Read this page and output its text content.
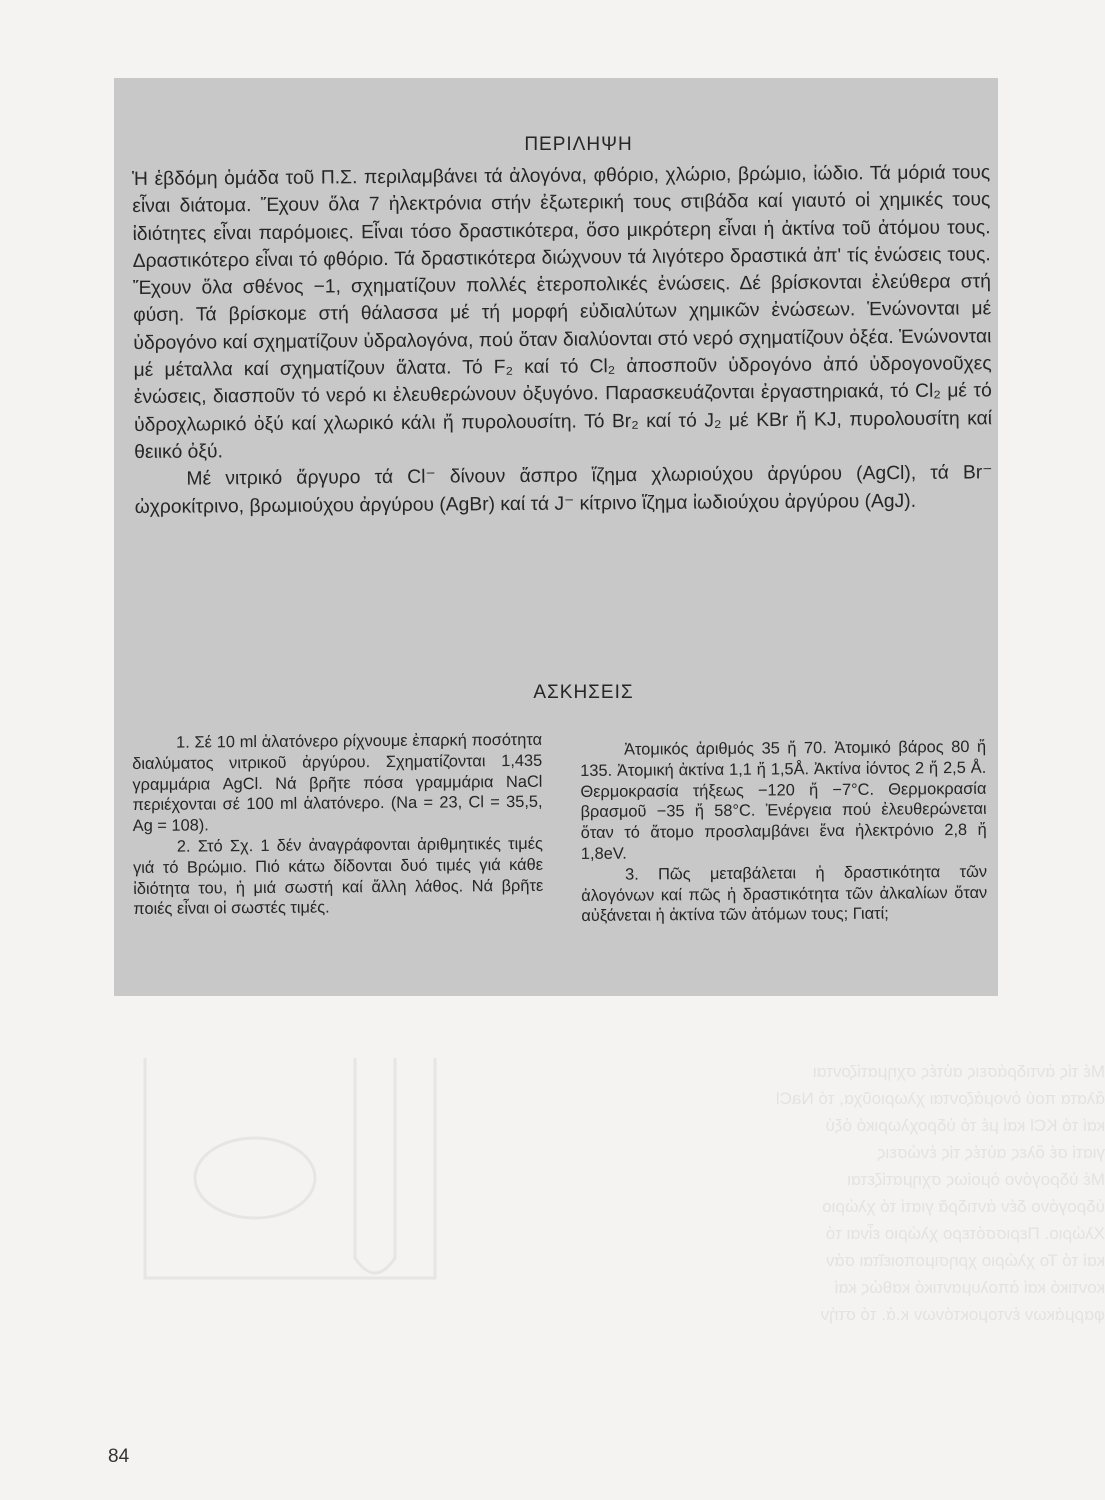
Μέ τίς ἀντιδράσεις αὐτές σχηματίζονται
ἄλατα πού ὀνομάζονται χλωριοῦχα, τό NaCl
καί τό KCl καί μέ τό ὑδροχλωρικό ὀξύ
γιατί σέ ὅλες αὐτές τίς ἐνώσεις
Μέ ὑδρογόνο ὁμοίως σχηματίζεται
ὑδρογόνο δέν ἀντιδρᾶ γιατί τό χλώριο
Χλώριο. Περισσότερο χλώριο εἶναι τό
καί τό Το χλώριο χρησιμοποιεῖται σάν
κοντικό καί ἀπολυμαντικό καθώς καί
φαρμάκων ἐντομοκτόνων κ.ά. τό στήν
ΠΕΡΙΛΗΨΗ

Ἡ ἑβδόμη ὁμάδα τοῦ Π.Σ. περιλαμβάνει τά ἀλογόνα, φθόριο, χλώριο, βρώμιο, ἰώδιο. Τά μόριά τους εἶναι διάτομα. Ἔχουν ὅλα 7 ἠλεκτρόνια στήν ἐξωτερική τους στιβάδα καί γιαυτό οἱ χημικές τους ἰδιότητες εἶναι παρόμοιες. Εἶναι τόσο δραστικότερα, ὅσο μικρότερη εἶναι ἡ ἀκτίνα τοῦ ἀτόμου τους. Δραστικότερο εἶναι τό φθόριο. Τά δραστικότερα διώχνουν τά λιγότερο δραστικά ἀπ' τίς ἐνώσεις τους. Ἔχουν ὅλα σθένος −1, σχηματίζουν πολλές ἑτεροπολικές ἐνώσεις. Δέ βρίσκονται ἐλεύθερα στή φύση. Τά βρίσκομε στή θάλασσα μέ τή μορφή εὐδιαλύτων χημικῶν ἐνώσεων. Ἑνώνονται μέ ὑδρογόνο καί σχηματίζουν ὑδραλογόνα, πού ὅταν διαλύονται στό νερό σχηματίζουν ὀξέα. Ἑνώνονται μέ μέταλλα καί σχηματίζουν ἅλατα. Τό F₂ καί τό Cl₂ ἀποσποῦν ὑδρογόνο ἀπό ὑδρογονοῦχες ἐνώσεις, διασποῦν τό νερό κι ἐλευθερώνουν ὀξυγόνο. Παρασκευάζονται ἐργαστηριακά, τό Cl₂ μέ τό ὑδροχλωρικό ὀξύ καί χλωρικό κάλι ἤ πυρολουσίτη. Τό Br₂ καί τό J₂ μέ KBr ἤ KJ, πυρολουσίτη καί θειικό ὀξύ.

Μέ νιτρικό ἄργυρο τά Cl⁻ δίνουν ἄσπρο ἵζημα χλωριούχου ἀργύρου (AgCl), τά Br⁻ ὠχροκίτρινο, βρωμιούχου ἀργύρου (AgBr) καί τά J⁻ κίτρινο ἵζημα ἰωδιούχου ἀργύρου (AgJ).

ΑΣΚΗΣΕΙΣ

1. Σέ 10 ml ἁλατόνερο ρίχνουμε ἐπαρκή ποσότητα διαλύματος νιτρικοῦ ἀργύρου. Σχηματίζονται 1,435 γραμμάρια AgCl. Νά βρῆτε πόσα γραμμάρια NaCl περιέχονται σέ 100 ml ἁλατόνερο. (Na = 23, Cl = 35,5, Ag = 108).

2. Στό Σχ. 1 δέν ἀναγράφονται ἀριθμητικές τιμές γιά τό Βρώμιο. Πιό κάτω δίδονται δυό τιμές γιά κάθε ἰδιότητα του, ἡ μιά σωστή καί ἄλλη λάθος. Νά βρῆτε ποιές εἶναι οἱ σωστές τιμές.

Ἀτομικός ἀριθμός 35 ἤ 70. Ἀτομικό βάρος 80 ἤ 135. Ἀτομική ἀκτίνα 1,1 ἤ 1,5Å. Ἀκτίνα ἰόντος 2 ἤ 2,5 Å. Θερμοκρασία τήξεως −120 ἤ −7°C. Θερμοκρασία βρασμοῦ −35 ἤ 58°C. Ἐνέργεια πού ἐλευθερώνεται ὅταν τό ἄτομο προσλαμβάνει ἕνα ἠλεκτρόνιο 2,8 ἤ 1,8eV.

3. Πῶς μεταβάλεται ἡ δραστικότητα τῶν ἀλογόνων καί πῶς ἡ δραστικότητα τῶν ἀλκαλίων ὅταν αὐξάνεται ἡ ἀκτίνα τῶν ἀτόμων τους; Γιατί;

84
